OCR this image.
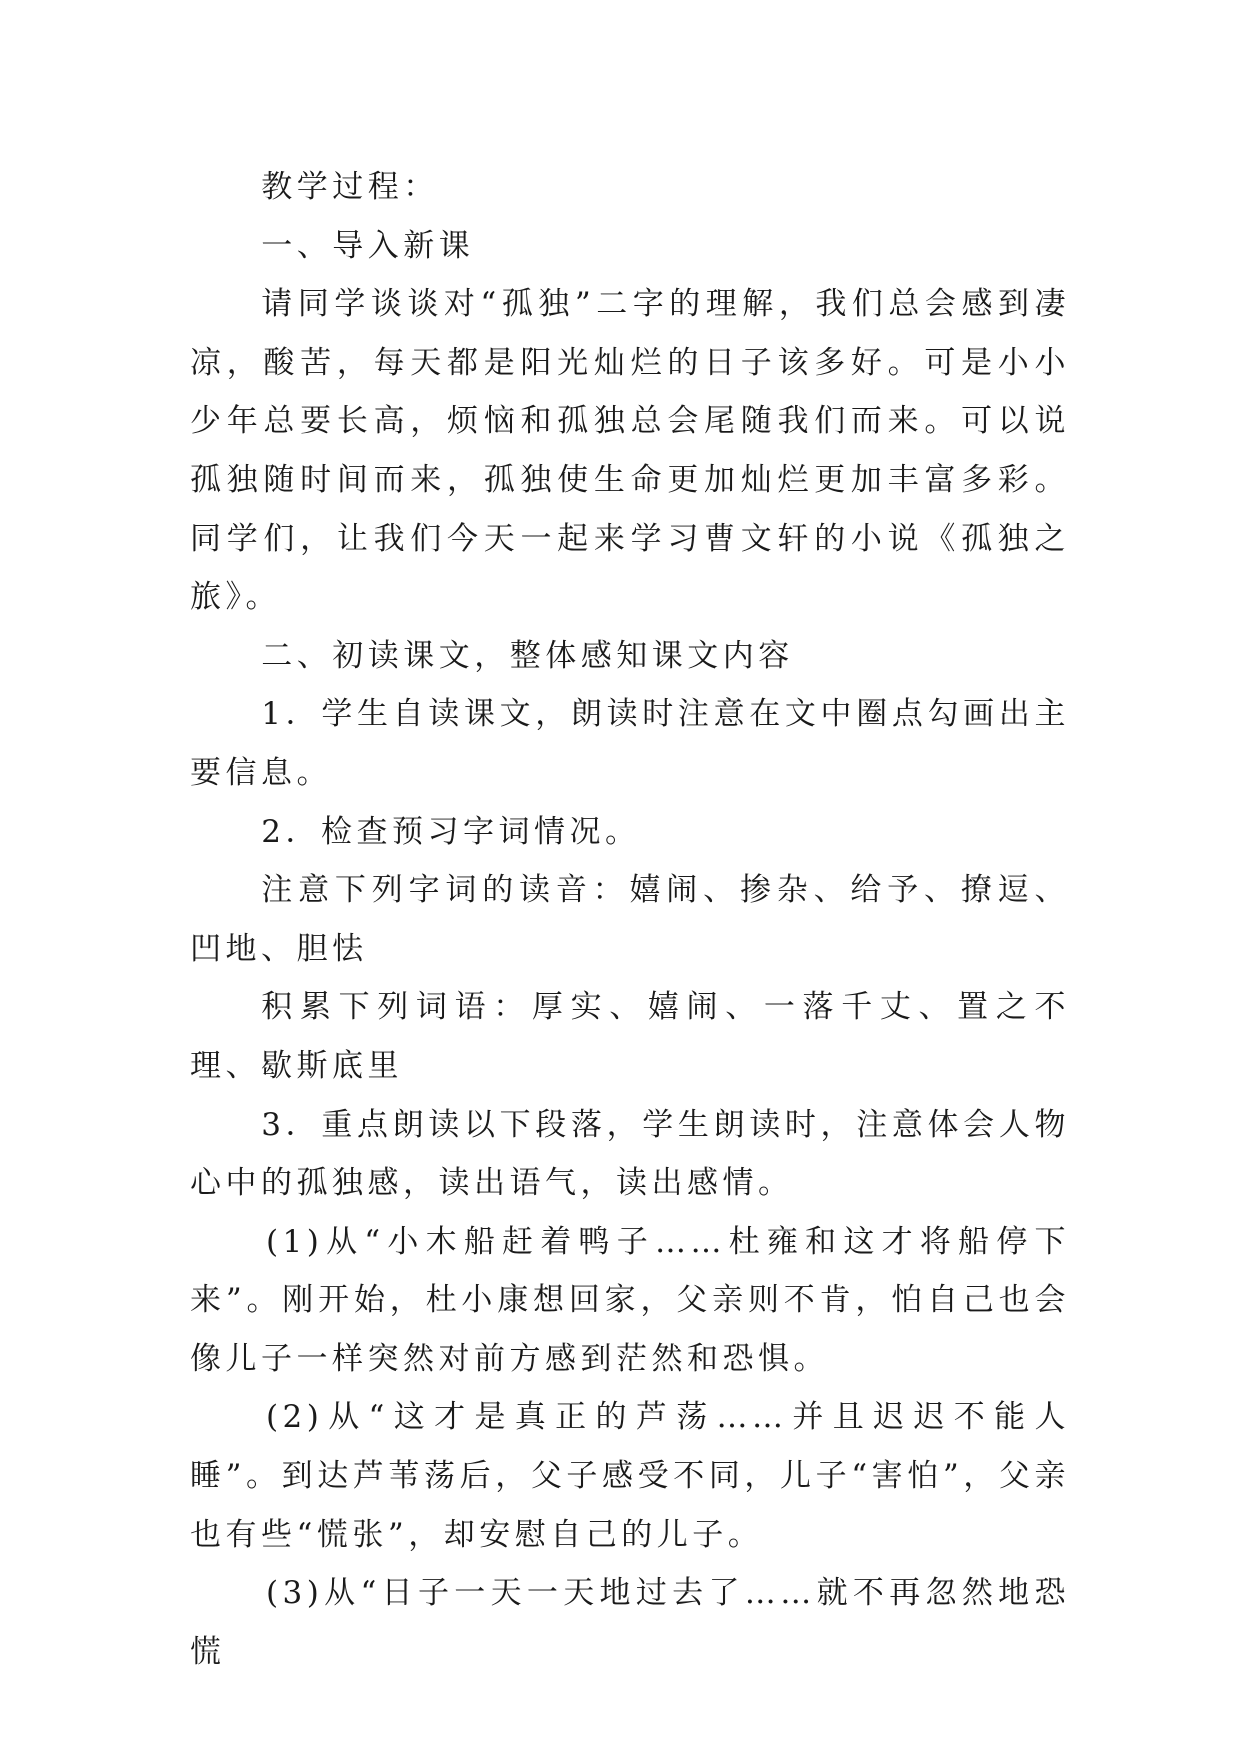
教学过程：

一、导入新课

请同学谈谈对“孤独”二字的理解，我们总会感到凄凉，酸苦，每天都是阳光灿烂的日子该多好。可是小小少年总要长高，烦恼和孤独总会尾随我们而来。可以说孤独随时间而来，孤独使生命更加灿烂更加丰富多彩。同学们，让我们今天一起来学习曹文轩的小说《孤独之旅》。

二、初读课文，整体感知课文内容

1．学生自读课文，朗读时注意在文中圈点勾画出主要信息。

2．检查预习字词情况。

注意下列字词的读音：嬉闹、掺杂、给予、撩逗、凹地、胆怯

积累下列词语：厚实、嬉闹、一落千丈、置之不理、歇斯底里

3．重点朗读以下段落，学生朗读时，注意体会人物心中的孤独感，读出语气，读出感情。

(1)从“小木船赶着鸭子……杜雍和这才将船停下来”。刚开始，杜小康想回家，父亲则不肯，怕自己也会像儿子一样突然对前方感到茫然和恐惧。

(2)从“这才是真正的芦荡……并且迟迟不能人睡”。到达芦苇荡后，父子感受不同，儿子“害怕”，父亲也有些“慌张”，却安慰自己的儿子。

(3)从“日子一天一天地过去了……就不再忽然地恐慌
